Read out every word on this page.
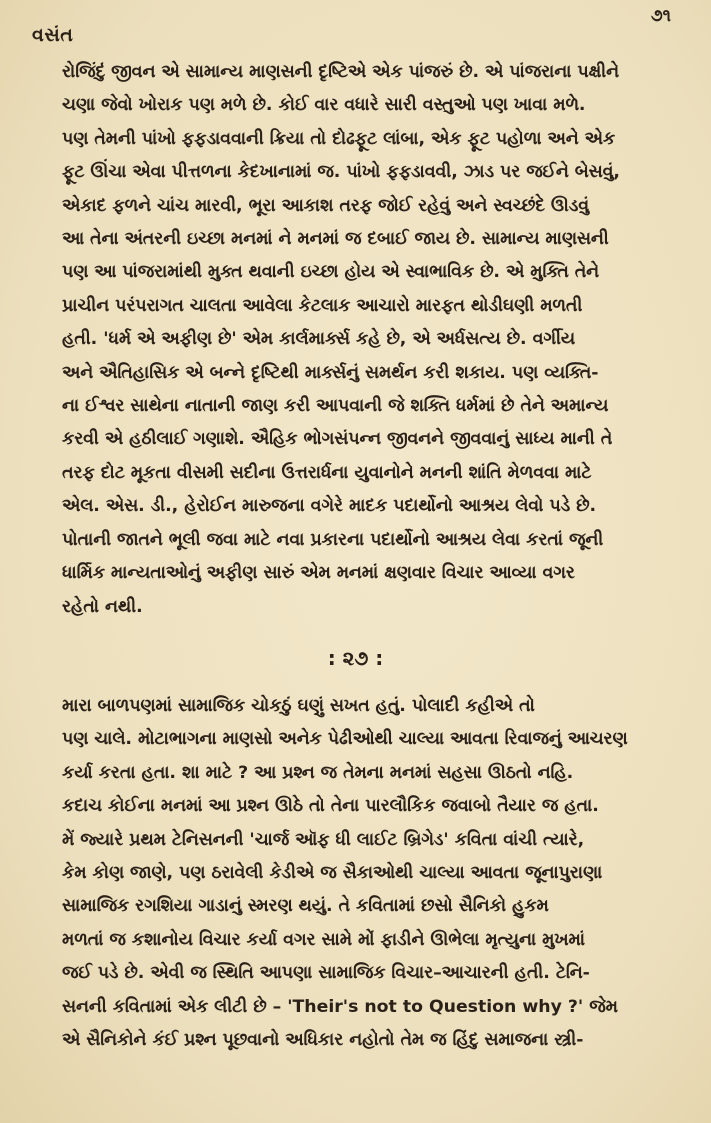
વસંત
૭૧
રોજિંદું જીવન એ સામાન્ય માણસની દૃષ્ટિએ એક પાંજરું છે. એ પાંજરાના પક્ષીને
ચણા જેવો ખોરાક પણ મળે છે. કોઈ વાર વધારે સારી વસ્તુઓ પણ ખાવા મળે.
પણ તેમની પાંખો ફફડાવવાની ક્રિયા તો દોઢફૂટ લાંબા, એક ફૂટ પહોળા અને એક
ફૂટ ઊંચા એવા પીત્તળના કેદખાનામાં જ. પાંખો ફફડાવવી, ઝાડ પર જઈને બેસવું,
એકાદ ફળને ચાંચ મારવી, ભૂરા આકાશ તરફ જોઈ રહેવું અને સ્વચ્છંદે ઊડવું
આ તેના અંતરની ઇચ્છા મનમાં ને મનમાં જ દબાઈ જાય છે. સામાન્ય માણસની
પણ આ પાંજરામાંથી મુક્ત થવાની ઇચ્છા હોય એ સ્વાભાવિક છે. એ મુક્તિ તેને
પ્રાચીન પરંપરાગત ચાલતા આવેલા કેટલાક આચારો મારફત થોડીઘણી મળતી
હતી. 'ધર્મ એ અફીણ છે' એમ કાર્લમાર્ક્સ કહે છે, એ અર્ધસત્ય છે. વર્ગીય
અને ઐતિહાસિક એ બન્ને દૃષ્ટિથી માર્ક્સનું સમર્થન કરી શકાય. પણ વ્યક્તિ-
ના ઈશ્વર સાથેના નાતાની જાણ કરી આપવાની જે શક્તિ ધર્મમાં છે તેને અમાન્ય
કરવી એ હઠીલાઈ ગણાશે. ઐહિક ભોગસંપન્ન જીવનને જીવવાનું સાધ્ય માની તે
તરફ દોટ મૂકતા વીસમી સદીના ઉત્તરાર્ધના યુવાનોને મનની શાંતિ મેળવવા માટે
એલ. એસ. ડી., હેરોઈન મારુજના વગેરે માદક પદાર્થોનો આશ્રય લેવો પડે છે.
પોતાની જાતને ભૂલી જવા માટે નવા પ્રકારના પદાર્થોનો આશ્રય લેવા કરતાં જૂની
ધાર્મિક માન્યતાઓનું અફીણ સારું એમ મનમાં ક્ષણવાર વિચાર આવ્યા વગર
રહેતો નથી.
: ૨૭ :
મારા બાળપણમાં સામાજિક ચોકઠું ઘણું સખત હતું. પોલાદી કહીએ તો
પણ ચાલે. મોટાભાગના માણસો અનેક પેઢીઓથી ચાલ્યા આવતા રિવાજનું આચરણ
કર્યા કરતા હતા. શા માટે ? આ પ્રશ્ન જ તેમના મનમાં સહસા ઊઠતો નહિ.
કદાચ કોઈના મનમાં આ પ્રશ્ન ઊઠે તો તેના પારલૌકિક જવાબો તૈયાર જ હતા.
મેં જ્યારે પ્રથમ ટેનિસનની 'ચાર્જ ઑફ ધી લાઈટ બ્રિગેડ' કવિતા વાંચી ત્યારે,
કેમ કોણ જાણે, પણ ઠરાવેલી કેડીએ જ સૈકાઓથી ચાલ્યા આવતા જૂનાપુરાણા
સામાજિક રગશિયા ગાડાનું સ્મરણ થયું. તે કવિતામાં છસો સૈનિકો હુકમ
મળતાં જ કશાનોય વિચાર કર્યા વગર સામે મોં ફાડીને ઊભેલા મૃત્યુના મુખમાં
જઈ પડે છે. એવી જ સ્થિતિ આપણા સામાજિક વિચાર–આચારની હતી. ટેનિ-
સનની કવિતામાં એક લીટી છે – 'Their's not to Question why ?' જેમ
એ સૈનિકોને કંઈ પ્રશ્ન પૂછવાનો અધિકાર નહોતો તેમ જ હિંદુ સમાજના સ્ત્રી-
